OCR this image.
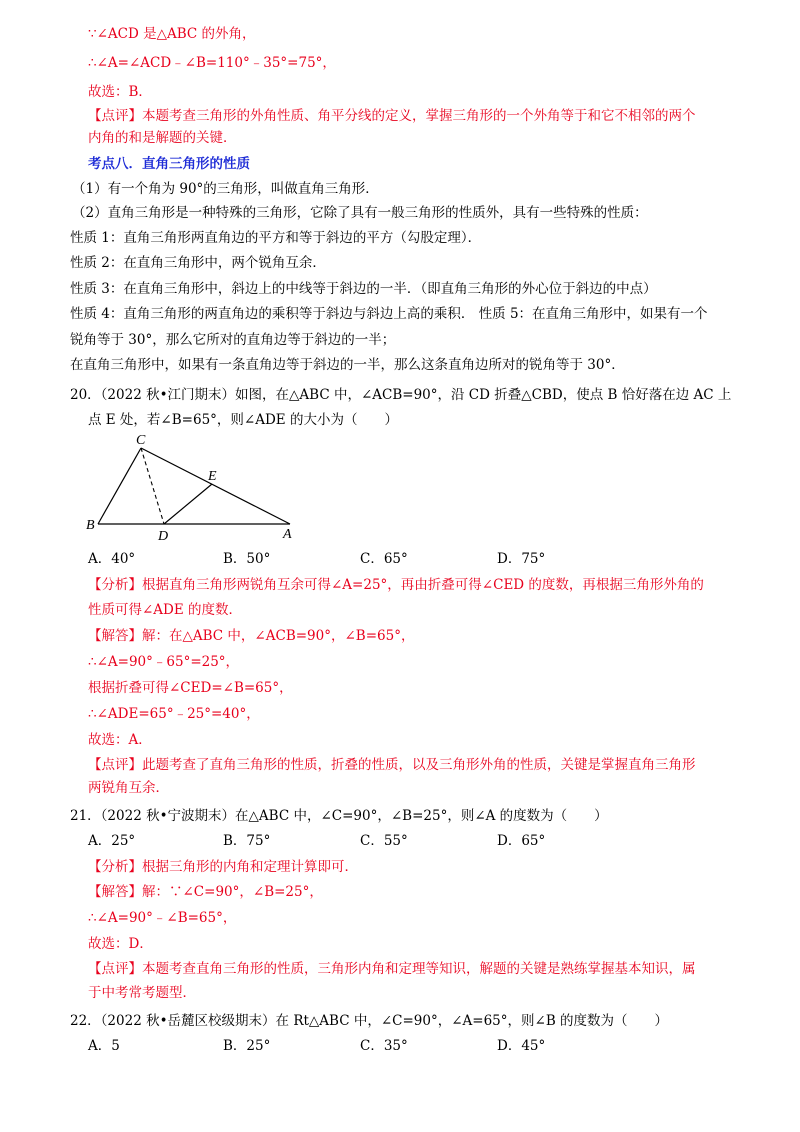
∵∠ACD 是△ABC 的外角，
∴∠A=∠ACD﹣∠B=110°﹣35°=75°，
故选：B．
【点评】本题考查三角形的外角性质、角平分线的定义，掌握三角形的一个外角等于和它不相邻的两个
内角的和是解题的关键．
考点八．直角三角形的性质
（1）有一个角为 90°的三角形，叫做直角三角形．
（2）直角三角形是一种特殊的三角形，它除了具有一般三角形的性质外，具有一些特殊的性质：
性质 1：直角三角形两直角边的平方和等于斜边的平方（勾股定理）．
性质 2：在直角三角形中，两个锐角互余．
性质 3：在直角三角形中，斜边上的中线等于斜边的一半．（即直角三角形的外心位于斜边的中点）
性质 4：直角三角形的两直角边的乘积等于斜边与斜边上高的乘积． 性质 5：在直角三角形中，如果有一个
锐角等于 30°，那么它所对的直角边等于斜边的一半；
在直角三角形中，如果有一条直角边等于斜边的一半，那么这条直角边所对的锐角等于 30°．
20．（2022 秋•江门期末）如图，在△ABC 中，∠ACB=90°，沿 CD 折叠△CBD，使点 B 恰好落在边 AC 上
点 E 处，若∠B=65°，则∠ADE 的大小为（　　）
C
E
B
D	A
A．40°	B．50°	C．65°	D．75°
【分析】根据直角三角形两锐角互余可得∠A=25°，再由折叠可得∠CED 的度数，再根据三角形外角的
性质可得∠ADE 的度数．
【解答】解：在△ABC 中，∠ACB=90°，∠B=65°，
∴∠A=90°﹣65°=25°，
根据折叠可得∠CED=∠B=65°，
∴∠ADE=65°﹣25°=40°，
故选：A．
【点评】此题考查了直角三角形的性质，折叠的性质，以及三角形外角的性质，关键是掌握直角三角形
两锐角互余．
21．（2022 秋•宁波期末）在△ABC 中，∠C=90°，∠B=25°，则∠A 的度数为（　　）
A．25°	B．75°	C．55°	D．65°
【分析】根据三角形的内角和定理计算即可．
【解答】解：∵∠C=90°，∠B=25°，
∴∠A=90°﹣∠B=65°，
故选：D．
【点评】本题考查直角三角形的性质，三角形内角和定理等知识，解题的关键是熟练掌握基本知识，属
于中考常考题型．
22．（2022 秋•岳麓区校级期末）在 Rt△ABC 中，∠C=90°，∠A=65°，则∠B 的度数为（　　）
A．5	B．25°	C．35°	D．45°
